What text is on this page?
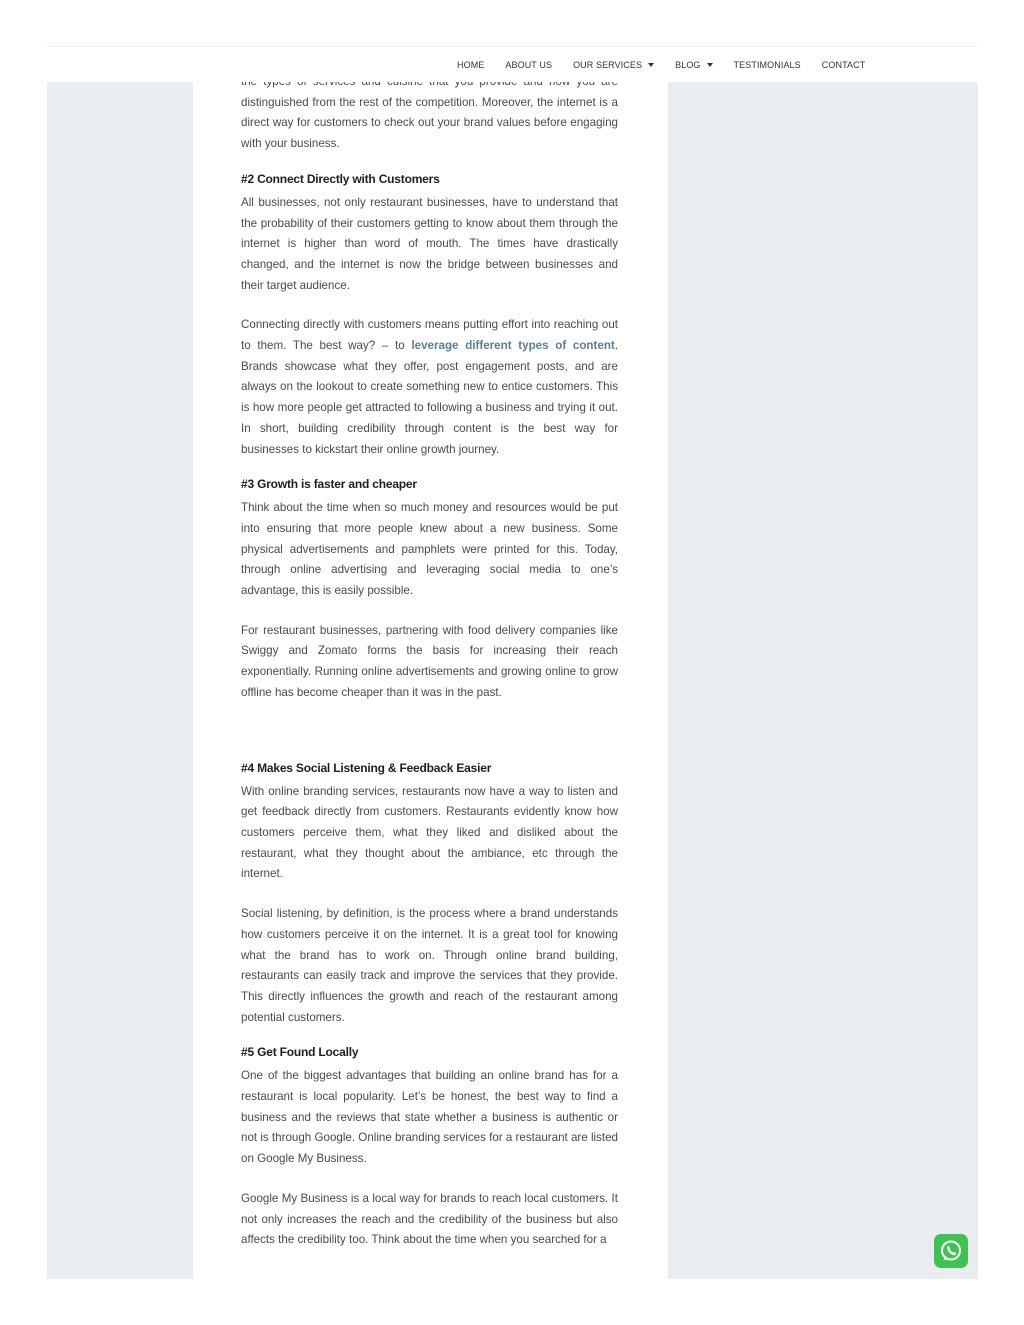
distinguished from the rest of the competition. Moreover, the internet is a direct way for customers to check out your brand values before engaging with your business.

#2 Connect Directly with Customers

All businesses, not only restaurant businesses, have to understand that the probability of their customers getting to know about them through the internet is higher than word of mouth. The times have drastically changed, and the internet is now the bridge between businesses and their target audience.

Connecting directly with customers means putting effort into reaching out to them. The best way? – to leverage different types of content. Brands showcase what they offer, post engagement posts, and are always on the lookout to create something new to entice customers. This is how more people get attracted to following a business and trying it out. In short, building credibility through content is the best way for businesses to kickstart their online growth journey.

#3 Growth is faster and cheaper

Think about the time when so much money and resources would be put into ensuring that more people knew about a new business. Some physical advertisements and pamphlets were printed for this. Today, through online advertising and leveraging social media to one’s advantage, this is easily possible.

For restaurant businesses, partnering with food delivery companies like Swiggy and Zomato forms the basis for increasing their reach exponentially. Running online advertisements and growing online to grow offline has become cheaper than it was in the past.

#4 Makes Social Listening & Feedback Easier

With online branding services, restaurants now have a way to listen and get feedback directly from customers. Restaurants evidently know how customers perceive them, what they liked and disliked about the restaurant, what they thought about the ambiance, etc through the internet.

Social listening, by definition, is the process where a brand understands how customers perceive it on the internet. It is a great tool for knowing what the brand has to work on. Through online brand building, restaurants can easily track and improve the services that they provide. This directly influences the growth and reach of the restaurant among potential customers.

#5 Get Found Locally

One of the biggest advantages that building an online brand has for a restaurant is local popularity. Let’s be honest, the best way to find a business and the reviews that state whether a business is authentic or not is through Google. Online branding services for a restaurant are listed on Google My Business.

Google My Business is a local way for brands to reach local customers. It not only increases the reach and the credibility of the business but also affects the credibility too. Think about the time when you searched for a

HOME ABOUT US OUR SERVICES	BLOG	TESTIMONIALS CONTACT
